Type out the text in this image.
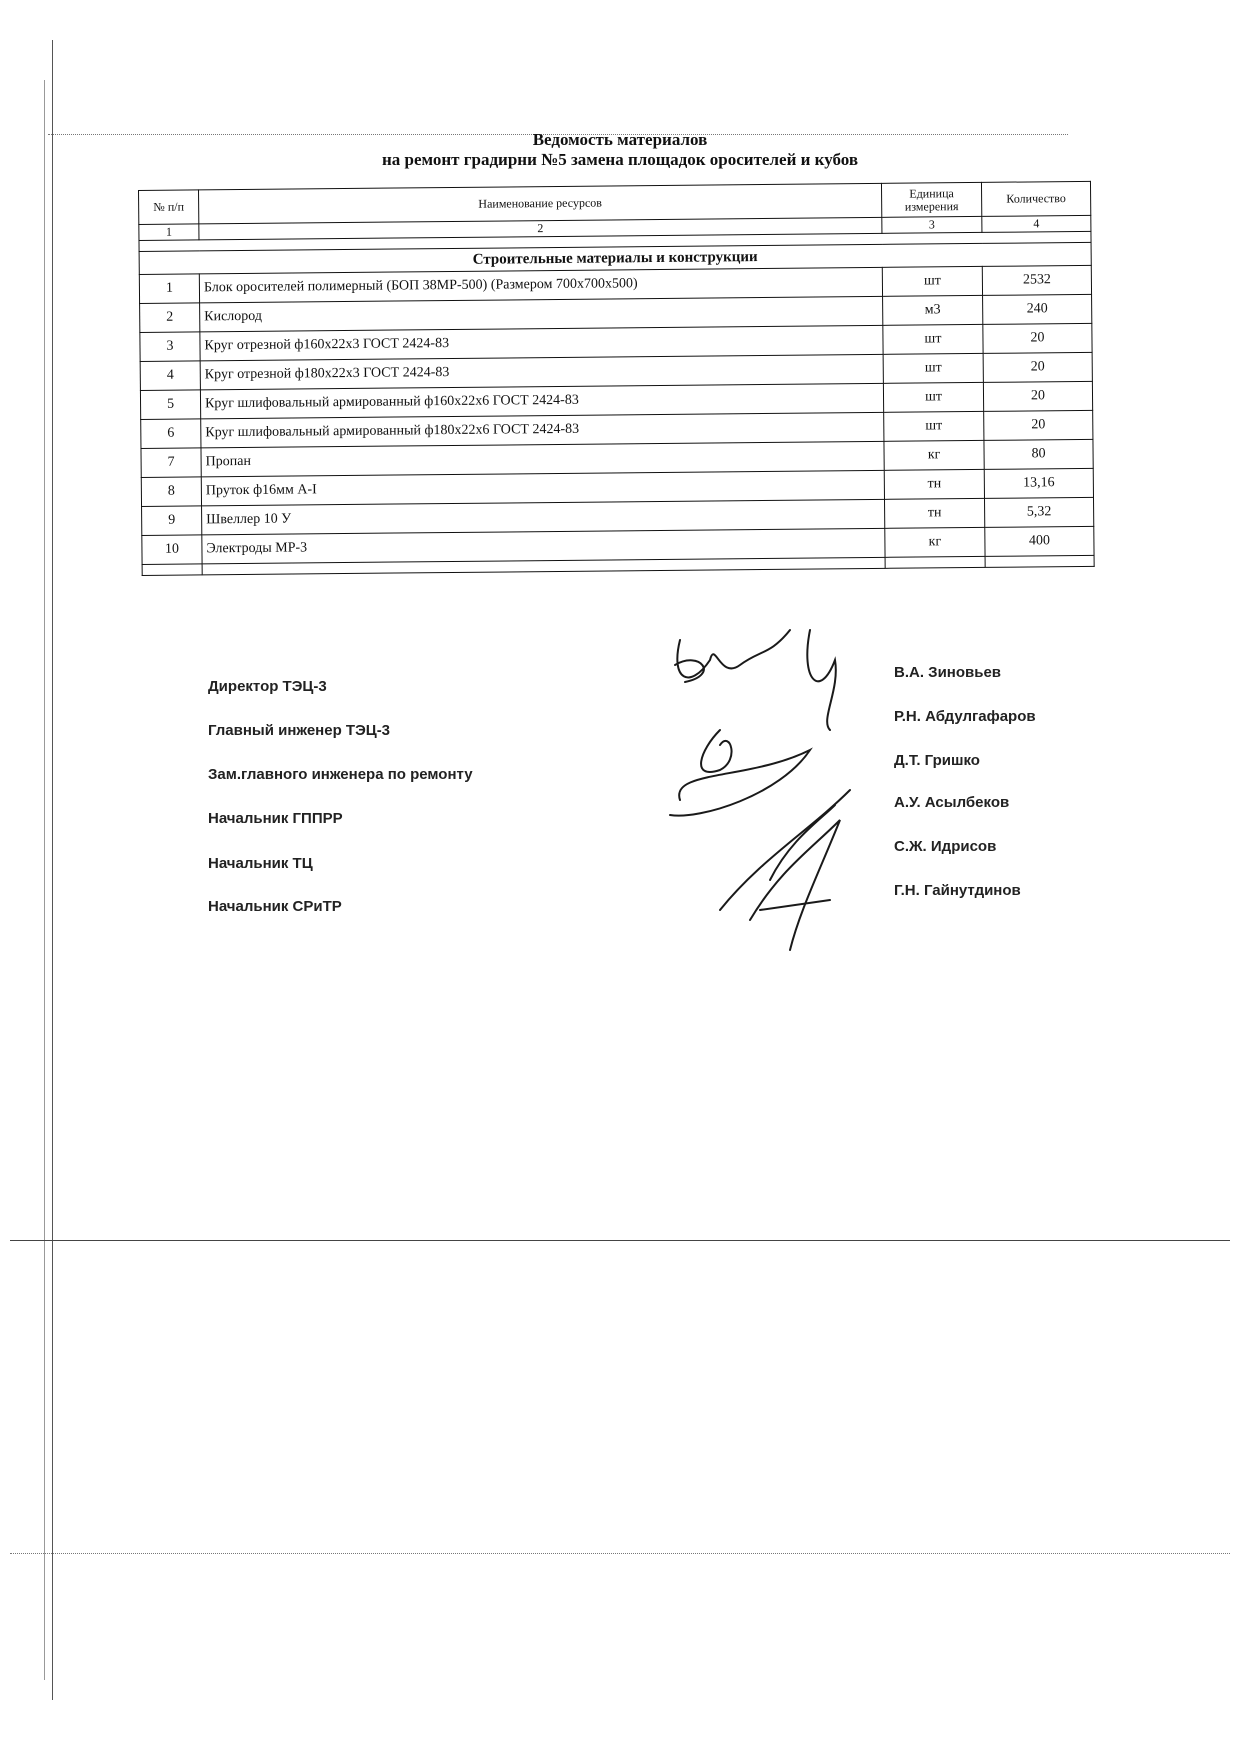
Ведомость материалов
на ремонт градирни №5 замена площадок оросителей и кубов
№ п/п	Наименование ресурсов	Единица измерения	Количество
1	2	3	4

Строительные материалы и конструкции			
1	Блок оросителей полимерный (БОП 38МР-500) (Размером 700х700х500)	шт	2532
2	Кислород	м3	240
3	Круг отрезной ф160х22х3 ГОСТ 2424-83	шт	20
4	Круг отрезной ф180х22х3 ГОСТ 2424-83	шт	20
5	Круг шлифовальный армированный ф160х22х6 ГОСТ 2424-83	шт	20
6	Круг шлифовальный армированный ф180х22х6 ГОСТ 2424-83	шт	20
7	Пропан	кг	80
8	Пруток ф16мм А-I	тн	13,16
9	Швеллер 10 У	тн	5,32
10	Электроды МР-3	кг	400

Директор ТЭЦ-3
Главный инженер ТЭЦ-3
Зам.главного инженера по ремонту
Начальник ГППРР
Начальник ТЦ
Начальник СРиТР
В.А. Зиновьев
Р.Н. Абдулгафаров
Д.Т. Гришко
А.У. Асылбеков
С.Ж. Идрисов
Г.Н. Гайнутдинов
